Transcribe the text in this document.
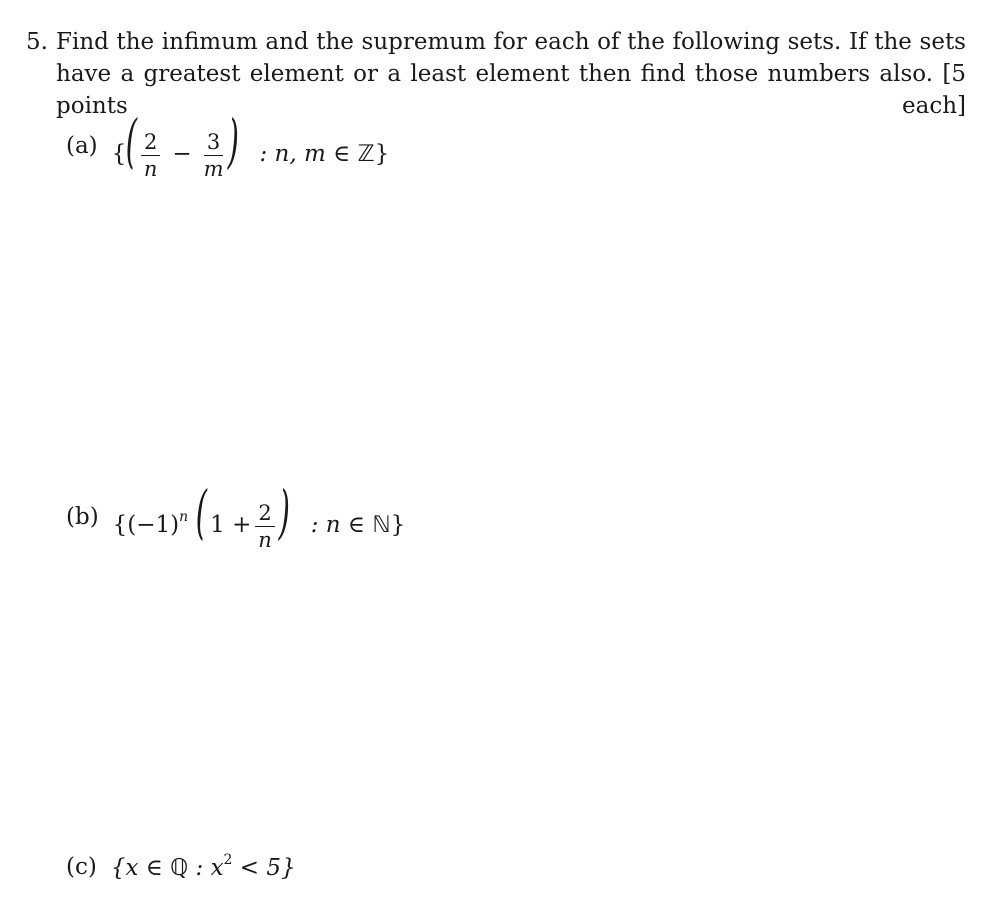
5. Find the infimum and the supremum for each of the following sets. If the sets have a greatest element or a least element then find those numbers also. [5 points each]
(a) {( $\frac{2}{n} - \frac{3}{m}$ ) : n, m ∈ ℤ}
(b) {$(-1)^n$ ( $1 + \frac{2}{n}$ ) : n ∈ ℕ}
(c) {x ∈ ℚ : $x^2 < 5$}
